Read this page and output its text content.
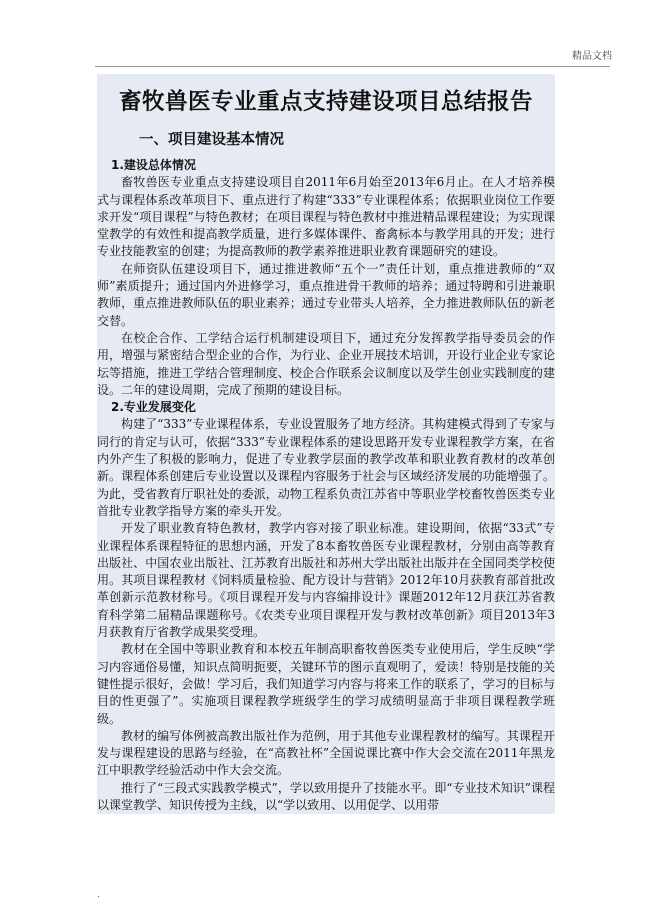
精品文档
畜牧兽医专业重点支持建设项目总结报告
一、项目建设基本情况
1.建设总体情况

畜牧兽医专业重点支持建设项目自2011年6月始至2013年6月止。在人才培养模式与课程体系改革项目下、重点进行了构建“333”专业课程体系；依据职业岗位工作要求开发“项目课程”与特色教材；在项目课程与特色教材中推进精品课程建设；为实现课堂教学的有效性和提高教学质量，进行多媒体课件、畜禽标本与教学用具的开发；进行专业技能教室的创建；为提高教师的教学素养推进职业教育课题研究的建设。

在师资队伍建设项目下，通过推进教师“五个一”责任计划，重点推进教师的“双师”素质提升；通过国内外进修学习，重点推进骨干教师的培养；通过特聘和引进兼职教师，重点推进教师队伍的职业素养；通过专业带头人培养，全力推进教师队伍的新老交替。

在校企合作、工学结合运行机制建设项目下，通过充分发挥教学指导委员会的作用，增强与紧密结合型企业的合作，为行业、企业开展技术培训，开设行业企业专家论坛等措施，推进工学结合管理制度、校企合作联系会议制度以及学生创业实践制度的建设。二年的建设周期，完成了预期的建设目标。

2.专业发展变化

构建了“333”专业课程体系，专业设置服务了地方经济。其构建模式得到了专家与同行的肯定与认可，依据“333”专业课程体系的建设思路开发专业课程教学方案，在省内外产生了积极的影响力，促进了专业教学层面的教学改革和职业教育教材的改革创新。课程体系创建后专业设置以及课程内容服务于社会与区域经济发展的功能增强了。为此，受省教育厅职社处的委派，动物工程系负责江苏省中等职业学校畜牧兽医类专业首批专业教学指导方案的牵头开发。

开发了职业教育特色教材，教学内容对接了职业标准。建设期间，依据“33式”专业课程体系课程特征的思想内涵，开发了8本畜牧兽医专业课程教材，分别由高等教育出版社、中国农业出版社、江苏教育出版社和苏州大学出版社出版并在全国同类学校使用。其项目课程教材《饲料质量检验、配方设计与营销》2012年10月获教育部首批改革创新示范教材称号。《项目课程开发与内容编排设计》课题2012年12月获江苏省教育科学第二届精品课题称号。《农类专业项目课程开发与教材改革创新》项目2013年3月获教育厅省教学成果奖受理。

教材在全国中等职业教育和本校五年制高职畜牧兽医类专业使用后，学生反映“学习内容通俗易懂，知识点简明扼要，关键环节的图示直观明了，爱读！特别是技能的关键性提示很好，会做！学习后，我们知道学习内容与将来工作的联系了，学习的目标与目的性更强了”。实施项目课程教学班级学生的学习成绩明显高于非项目课程教学班级。

教材的编写体例被高教出版社作为范例，用于其他专业课程教材的编写。其课程开发与课程建设的思路与经验，在“高教社杯”全国说课比赛中作大会交流在2011年黑龙江中职教学经验活动中作大会交流。

推行了“三段式实践教学模式”，学以致用提升了技能水平。即“专业技术知识”课程以课堂教学、知识传授为主线，以“学以致用、以用促学、以用带

.
